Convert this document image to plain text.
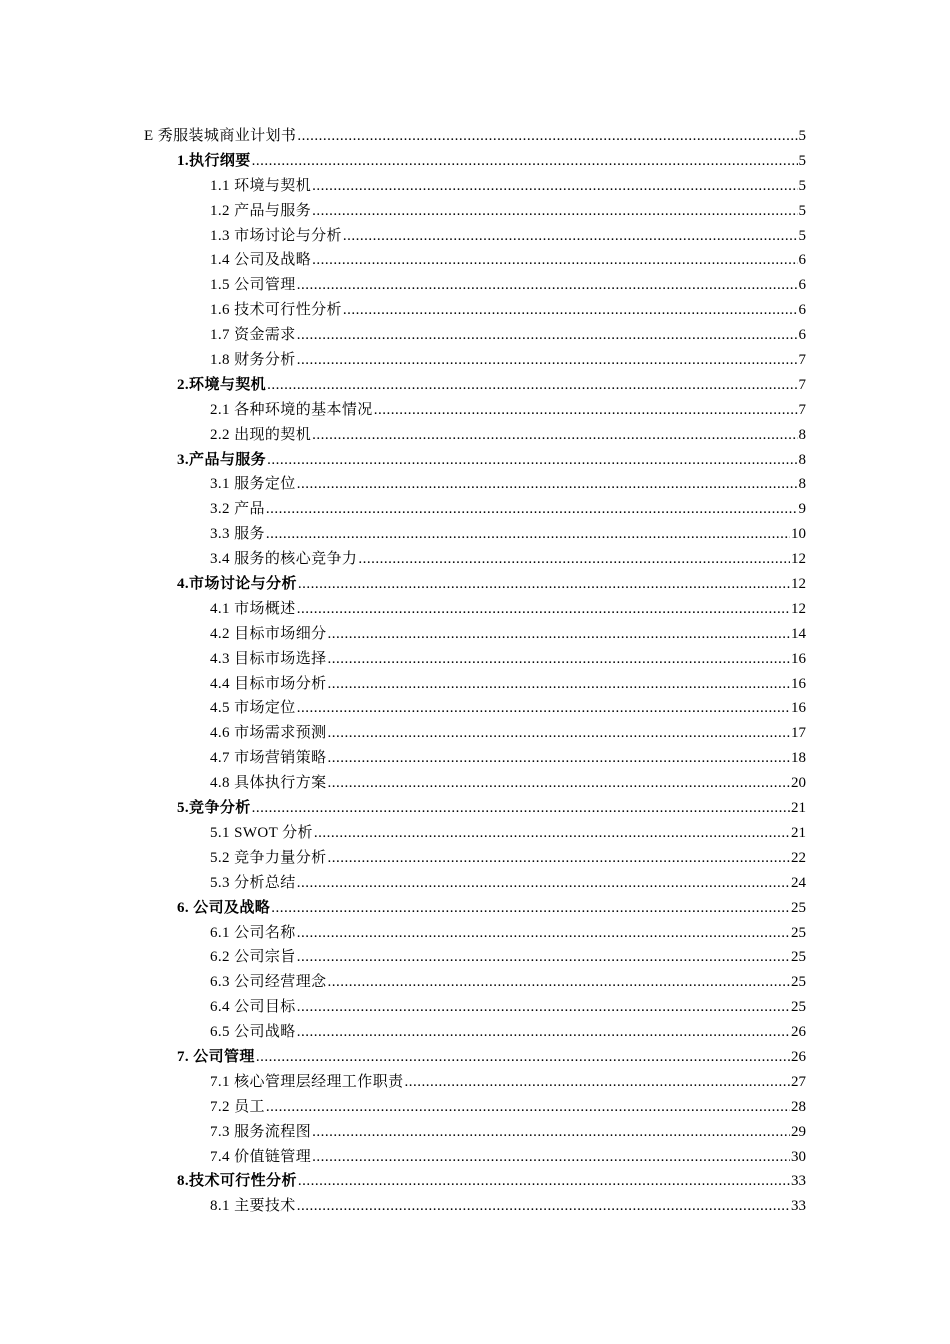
E 秀服装城商业计划书 .....	5
1.执行纲要 .....	5
1.1 环境与契机 .....	5
1.2 产品与服务 .....	5
1.3 市场讨论与分析 .....	5
1.4 公司及战略 .....	6
1.5 公司管理 .....	6
1.6 技术可行性分析 .....	6
1.7 资金需求 .....	6
1.8 财务分析 .....	7
2.环境与契机 .....	7
2.1 各种环境的基本情况 .....	7
2.2 出现的契机 .....	8
3.产品与服务 .....	8
3.1 服务定位 .....	8
3.2 产品 .....	9
3.3 服务 .....	10
3.4 服务的核心竞争力 .....	12
4.市场讨论与分析 .....	12
4.1 市场概述 .....	12
4.2 目标市场细分 .....	14
4.3 目标市场选择 .....	16
4.4 目标市场分析 .....	16
4.5 市场定位 .....	16
4.6 市场需求预测 .....	17
4.7 市场营销策略 .....	18
4.8 具体执行方案 .....	20
5.竞争分析 .....	21
5.1 SWOT 分析 .....	21
5.2 竞争力量分析 .....	22
5.3 分析总结 .....	24
6. 公司及战略 .....	25
6.1 公司名称 .....	25
6.2 公司宗旨 .....	25
6.3 公司经营理念 .....	25
6.4 公司目标 .....	25
6.5 公司战略 .....	26
7. 公司管理 .....	26
7.1 核心管理层经理工作职责 .....	27
7.2 员工 .....	28
7.3 服务流程图 .....	29
7.4 价值链管理 .....	30
8.技术可行性分析 .....	33
8.1 主要技术 .....	33
